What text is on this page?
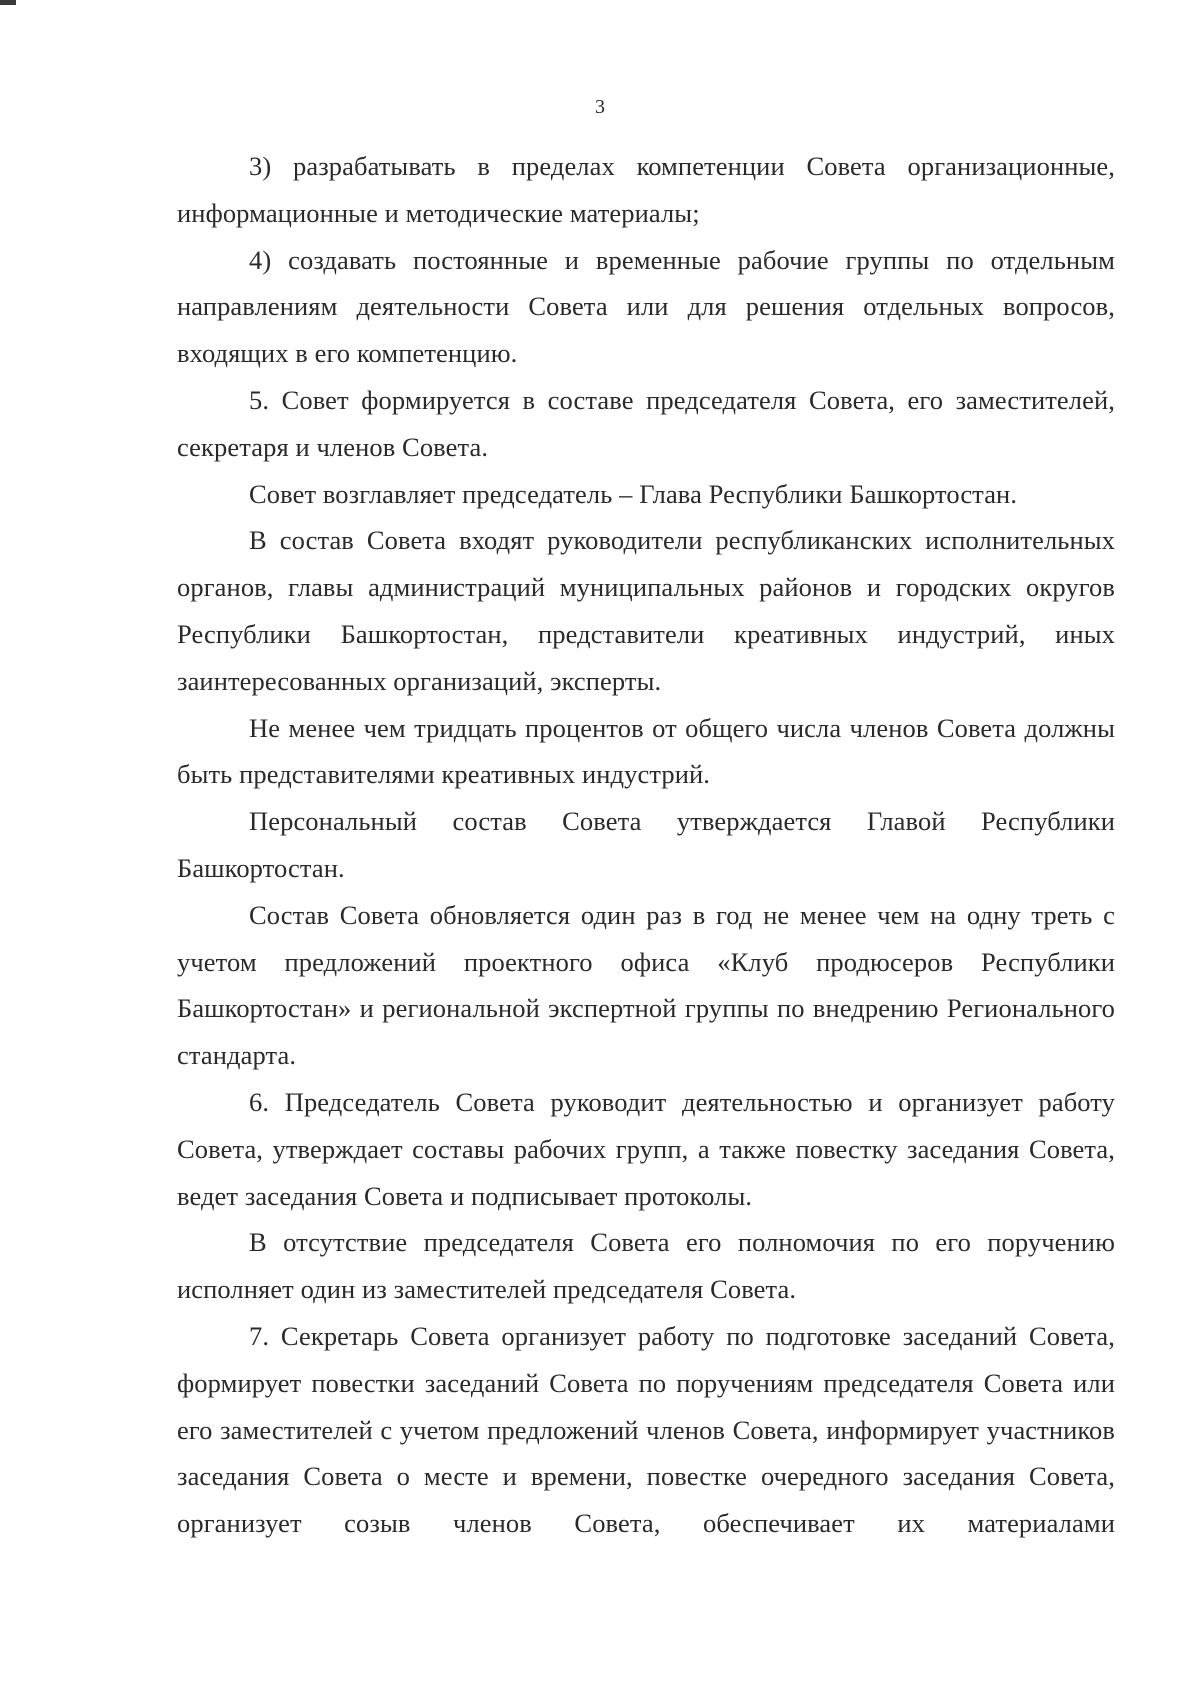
3

3) разрабатывать в пределах компетенции Совета организационные, информационные и методические материалы;

4) создавать постоянные и временные рабочие группы по отдельным направлениям деятельности Совета или для решения отдельных вопросов, входящих в его компетенцию.

5. Совет формируется в составе председателя Совета, его заместителей, секретаря и членов Совета.

Совет возглавляет председатель – Глава Республики Башкортостан.

В состав Совета входят руководители республиканских исполнительных органов, главы администраций муниципальных районов и городских округов Республики Башкортостан, представители креативных индустрий, иных заинтересованных организаций, эксперты.

Не менее чем тридцать процентов от общего числа членов Совета должны быть представителями креативных индустрий.

Персональный состав Совета утверждается Главой Республики Башкортостан.

Состав Совета обновляется один раз в год не менее чем на одну треть с учетом предложений проектного офиса «Клуб продюсеров Республики Башкортостан» и региональной экспертной группы по внедрению Регионального стандарта.

6. Председатель Совета руководит деятельностью и организует работу Совета, утверждает составы рабочих групп, а также повестку заседания Совета, ведет заседания Совета и подписывает протоколы.

В отсутствие председателя Совета его полномочия по его поручению исполняет один из заместителей председателя Совета.

7. Секретарь Совета организует работу по подготовке заседаний Совета, формирует повестки заседаний Совета по поручениям председателя Совета или его заместителей с учетом предложений членов Совета, информирует участников заседания Совета о месте и времени, повестке очередного заседания Совета, организует созыв членов Совета, обеспечивает их материалами
